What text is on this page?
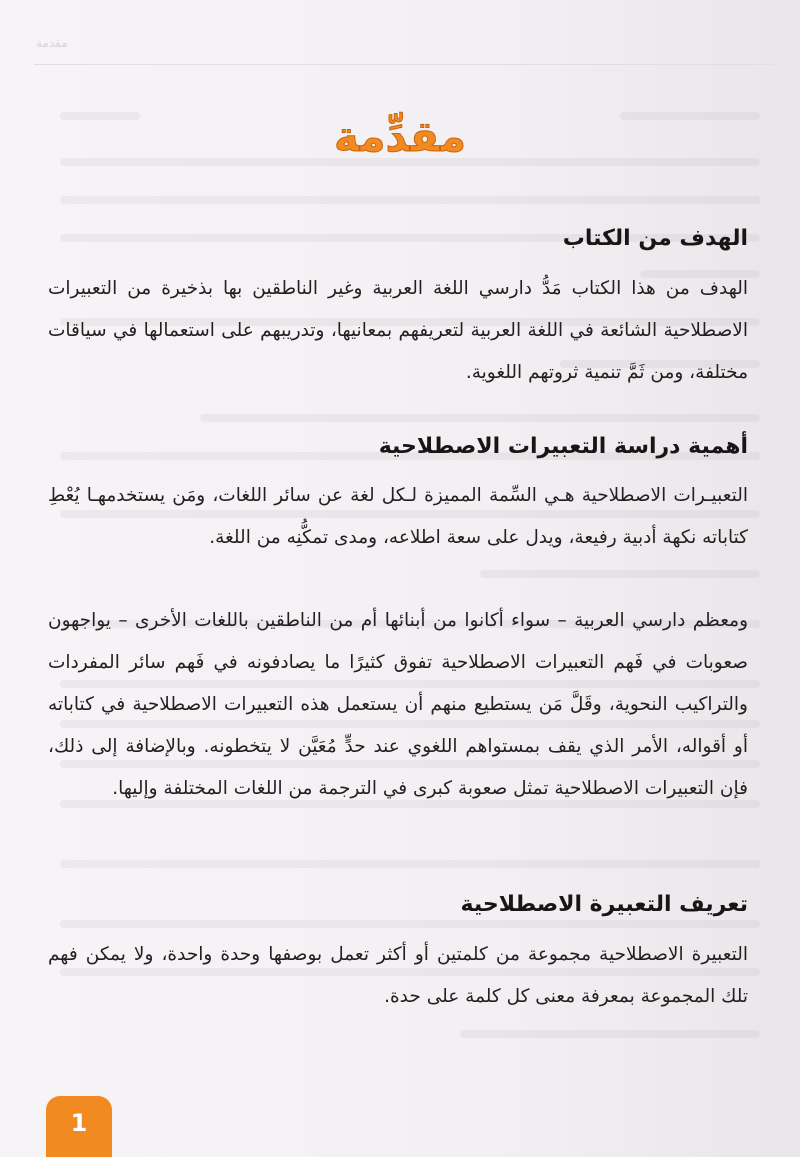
مقدمة
مقدِّمة
الهدف من الكتاب

الهدف من هذا الكتاب مَدُّ دارسي اللغة العربية وغير الناطقين بها بذخيرة من التعبيرات الاصطلاحية الشائعة في اللغة العربية لتعريفهم بمعانيها، وتدريبهم على استعمالها في سياقات مختلفة، ومن ثَمَّ تنمية ثروتهم اللغوية.

أهمية دراسة التعبيرات الاصطلاحية

التعبيـرات الاصطلاحية هـي السِّمة المميزة لـكل لغة عن سائر اللغات، ومَن يستخدمهـا يُعْطِ كتاباته نكهة أدبية رفيعة، ويدل على سعة اطلاعه، ومدى تمكُّنِه من اللغة.

ومعظم دارسي العربية – سواء أكانوا من أبنائها أم من الناطقين باللغات الأخرى – يواجهون صعوبات في فَهم التعبيرات الاصطلاحية تفوق كثيرًا ما يصادفونه في فَهم سائر المفردات والتراكيب النحوية، وقَلَّ مَن يستطيع منهم أن يستعمل هذه التعبيرات الاصطلاحية في كتاباته أو أقواله، الأمر الذي يقف بمستواهم اللغوي عند حدٍّ مُعَيَّن لا يتخطونه. وبالإضافة إلى ذلك، فإن التعبيرات الاصطلاحية تمثل صعوبة كبرى في الترجمة من اللغات المختلفة وإليها.

تعريف التعبيرة الاصطلاحية

التعبيرة الاصطلاحية مجموعة من كلمتين أو أكثر تعمل بوصفها وحدة واحدة، ولا يمكن فهم تلك المجموعة بمعرفة معنى كل كلمة على حدة.

1
